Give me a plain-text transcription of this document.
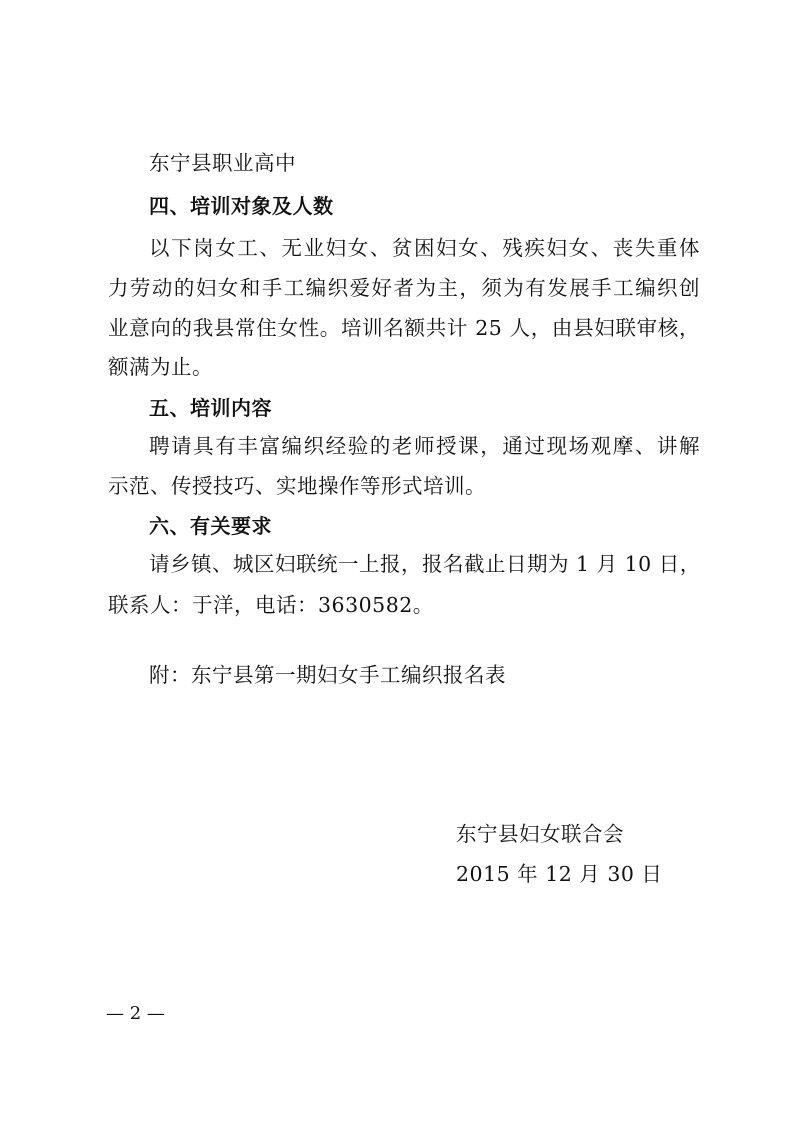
东宁县职业高中
四、培训对象及人数
以下岗女工、无业妇女、贫困妇女、残疾妇女、丧失重体
力劳动的妇女和手工编织爱好者为主，须为有发展手工编织创
业意向的我县常住女性。培训名额共计 25 人，由县妇联审核，
额满为止。
五、培训内容
聘请具有丰富编织经验的老师授课，通过现场观摩、讲解
示范、传授技巧、实地操作等形式培训。
六、有关要求
请乡镇、城区妇联统一上报，报名截止日期为 1 月 10 日，
联系人：于洋，电话：3630582。
附：东宁县第一期妇女手工编织报名表
东宁县妇女联合会
2015 年 12 月 30 日
— 2 —
